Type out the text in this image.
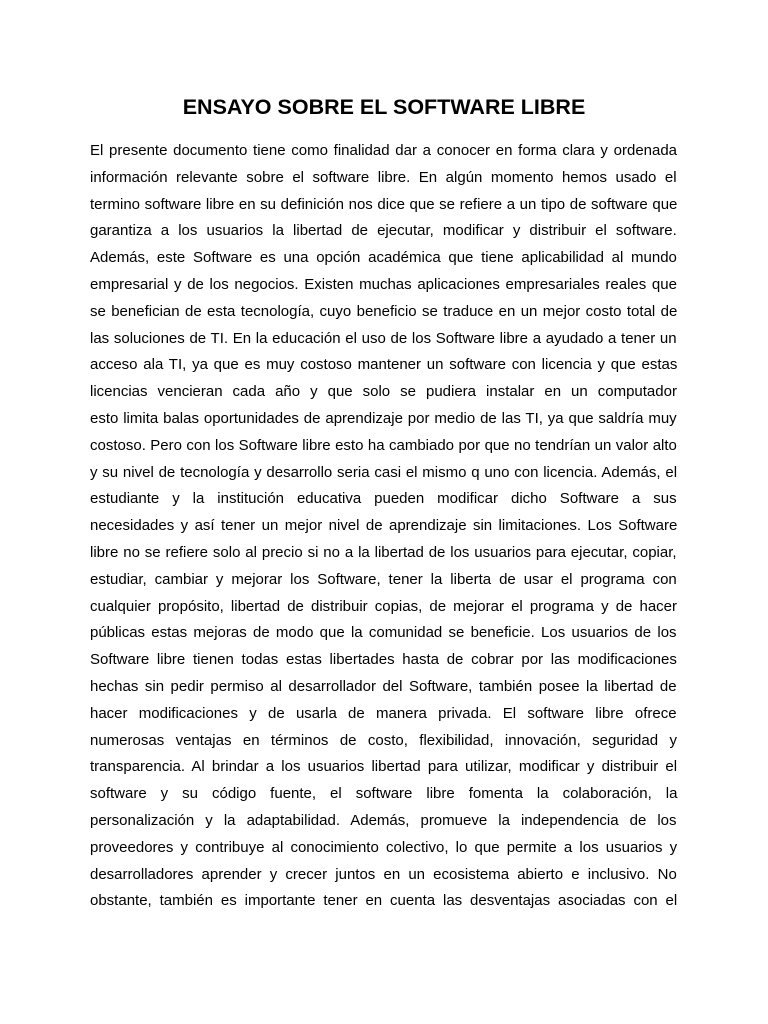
ENSAYO SOBRE EL SOFTWARE LIBRE
El presente documento tiene como finalidad dar a conocer en forma clara y ordenada
información relevante sobre el software libre. En algún momento hemos usado el
termino software libre en su definición nos dice que se refiere a un tipo de software que
garantiza a los usuarios la libertad de ejecutar, modificar y distribuir el software.
Además, este Software es una opción académica que tiene aplicabilidad al mundo
empresarial y de los negocios. Existen muchas aplicaciones empresariales reales que
se benefician de esta tecnología, cuyo beneficio se traduce en un mejor costo total de
las soluciones de TI. En la educación el uso de los Software libre a ayudado a tener un
acceso ala TI, ya que es muy costoso mantener un software con licencia y que estas
licencias vencieran cada año y que solo se pudiera instalar en un computador
esto limita balas oportunidades de aprendizaje por medio de las TI, ya que saldría muy
costoso. Pero con los Software libre esto ha cambiado por que no tendrían un valor alto
y su nivel de tecnología y desarrollo seria casi el mismo q uno con licencia. Además, el
estudiante y la institución educativa pueden modificar dicho Software a sus
necesidades y así tener un mejor nivel de aprendizaje sin limitaciones. Los Software
libre no se refiere solo al precio si no a la libertad de los usuarios para ejecutar, copiar,
estudiar, cambiar y mejorar los Software, tener la liberta de usar el programa con
cualquier propósito, libertad de distribuir copias, de mejorar el programa y de hacer
públicas estas mejoras de modo que la comunidad se beneficie. Los usuarios de los
Software libre tienen todas estas libertades hasta de cobrar por las modificaciones
hechas sin pedir permiso al desarrollador del Software, también posee la libertad de
hacer modificaciones y de usarla de manera privada. El software libre ofrece
numerosas ventajas en términos de costo, flexibilidad, innovación, seguridad y
transparencia. Al brindar a los usuarios libertad para utilizar, modificar y distribuir el
software y su código fuente, el software libre fomenta la colaboración, la
personalización y la adaptabilidad. Además, promueve la independencia de los
proveedores y contribuye al conocimiento colectivo, lo que permite a los usuarios y
desarrolladores aprender y crecer juntos en un ecosistema abierto e inclusivo. No
obstante, también es importante tener en cuenta las desventajas asociadas con el
